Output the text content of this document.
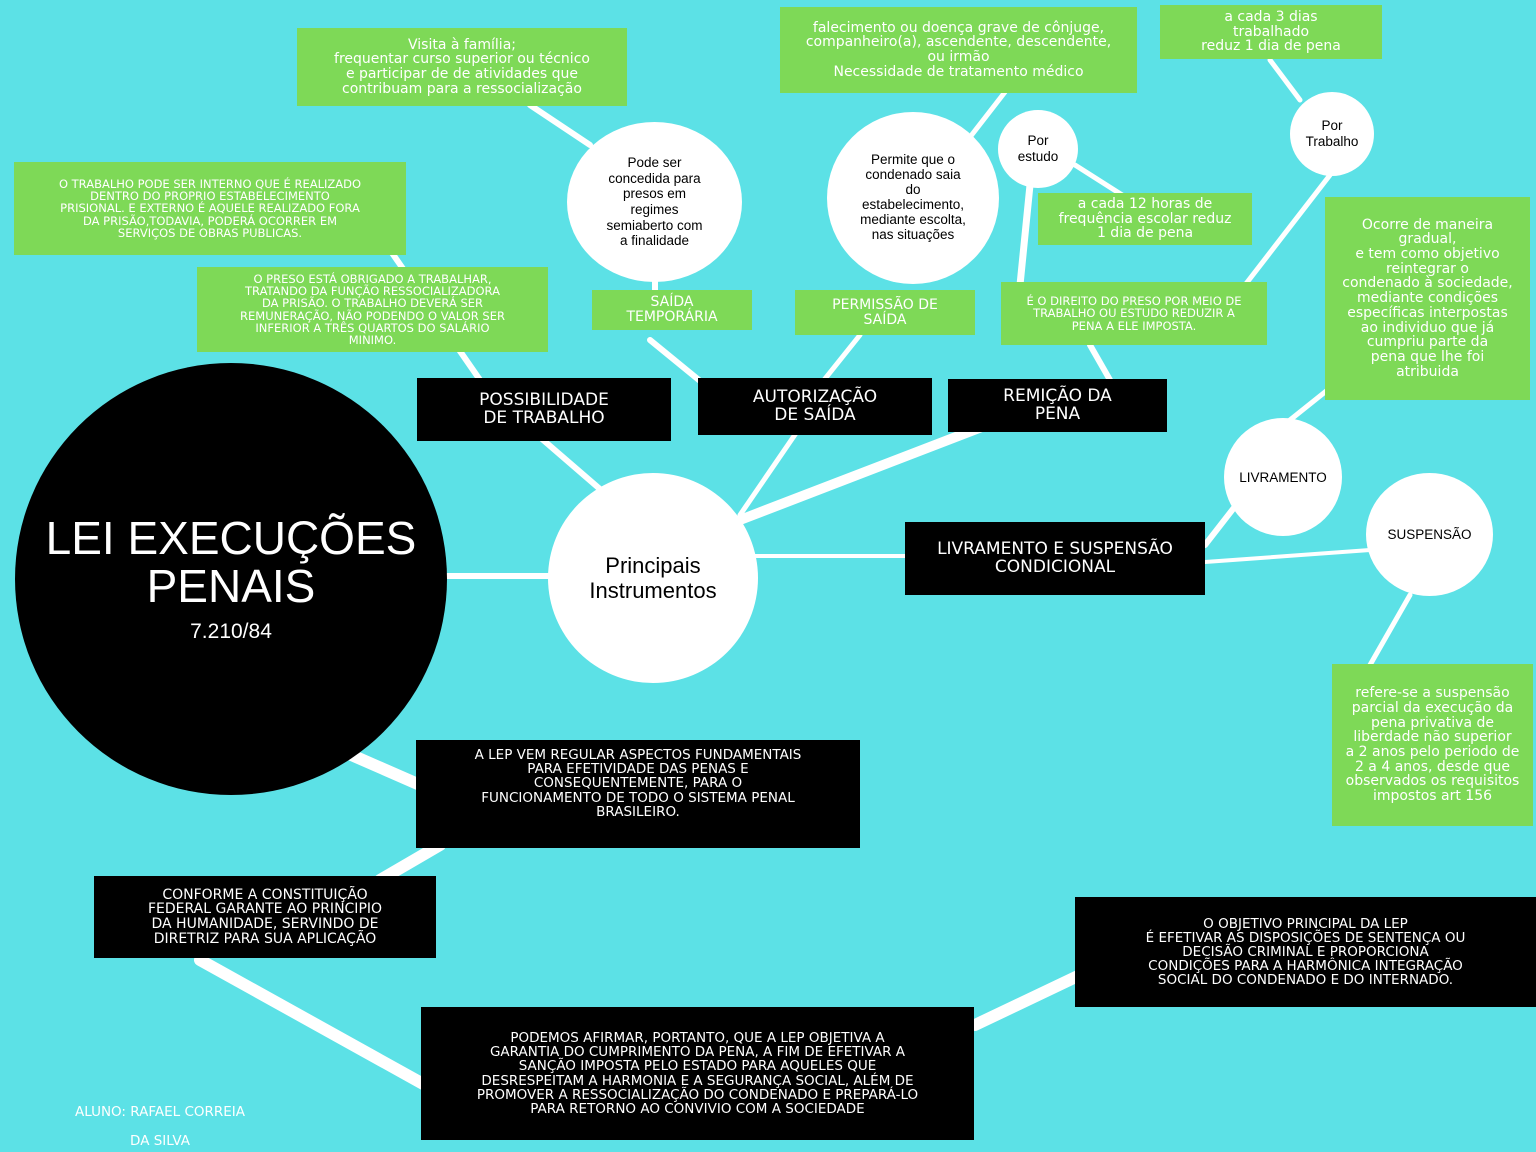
LEI EXECUÇÕES
PENAIS
7.210/84
Principais
Instrumentos
POSSIBILIDADE
DE TRABALHO
AUTORIZAÇÃO
DE SAÍDA
REMIÇÃO DA
PENA
LIVRAMENTO E SUSPENSÃO
CONDICIONAL
O TRABALHO PODE SER INTERNO QUE É REALIZADO
DENTRO DO PROPRIO ESTABELECIMENTO
PRISIONAL. E EXTERNO É AQUELE REALIZADO FORA
DA PRISÃO,TODAVIA, PODERÁ OCORRER EM
SERVIÇOS DE OBRAS PUBLICAS.
O PRESO ESTÁ OBRIGADO A TRABALHAR,
TRATANDO DA FUNÇÃO RESSOCIALIZADORA
DA PRISÃO. O TRABALHO DEVERÁ SER
REMUNERAÇÃO, NÃO PODENDO O VALOR SER
INFERIOR A TRÊS QUARTOS DO SALÁRIO
MINIMO.
SAÍDA
TEMPORÁRIA
Pode ser
concedida para
presos em
regimes
semiaberto com
a finalidade
Visita à família;
frequentar curso superior ou técnico
e participar de de atividades que
contribuam para a ressocialização
PERMISSÃO DE
SAÍDA
Permite que o
condenado saia
do
estabelecimento,
mediante escolta,
nas situações
falecimento ou doença grave de cônjuge,
companheiro(a), ascendente, descendente,
ou irmão
Necessidade de tratamento médico
É O DIREITO DO PRESO POR MEIO DE
TRABALHO OU ESTUDO REDUZIR A
PENA A ELE IMPOSTA.
Por
estudo
a cada 12 horas de
frequência escolar reduz
1 dia de pena
Por
Trabalho
a cada 3 dias
trabalhado
reduz 1 dia de pena
LIVRAMENTO
Ocorre de maneira
gradual,
e tem como objetivo
reintegrar o
condenado à sociedade,
mediante condições
específicas interpostas
ao individuo que já
cumpriu parte da
pena que lhe foi
atribuida
SUSPENSÃO
refere-se a suspensão
parcial da execução da
pena privativa de
liberdade não superior
a 2 anos pelo periodo de
2 a 4 anos, desde que
observados os requisitos
impostos art 156
A LEP VEM REGULAR ASPECTOS FUNDAMENTAIS
PARA EFETIVIDADE DAS PENAS E
CONSEQUENTEMENTE, PARA O
FUNCIONAMENTO DE TODO O SISTEMA PENAL
BRASILEIRO.
CONFORME A CONSTITUIÇÃO
FEDERAL GARANTE AO PRINCIPIO
DA HUMANIDADE, SERVINDO DE
DIRETRIZ PARA SUA APLICAÇÃO
PODEMOS AFIRMAR, PORTANTO, QUE A LEP OBJETIVA A
GARANTIA DO CUMPRIMENTO DA PENA, A FIM DE EFETIVAR A
SANÇÃO IMPOSTA PELO ESTADO PARA AQUELES QUE
DESRESPEITAM A HARMONIA E A SEGURANÇA SOCIAL, ALÉM DE
PROMOVER A RESSOCIALIZAÇÃO DO CONDENADO E PREPARÁ-LO
PARA RETORNO AO CONVIVIO COM A SOCIEDADE
O OBJETIVO PRINCIPAL DA LEP
É EFETIVAR AS DISPOSIÇÕES DE SENTENÇA OU
DECISÃO CRIMINAL E PROPORCIONA
CONDIÇÕES PARA A HARMÔNICA INTEGRAÇÃO
SOCIAL DO CONDENADO E DO INTERNADO.
ALUNO: RAFAEL CORREIA
DA SILVA
